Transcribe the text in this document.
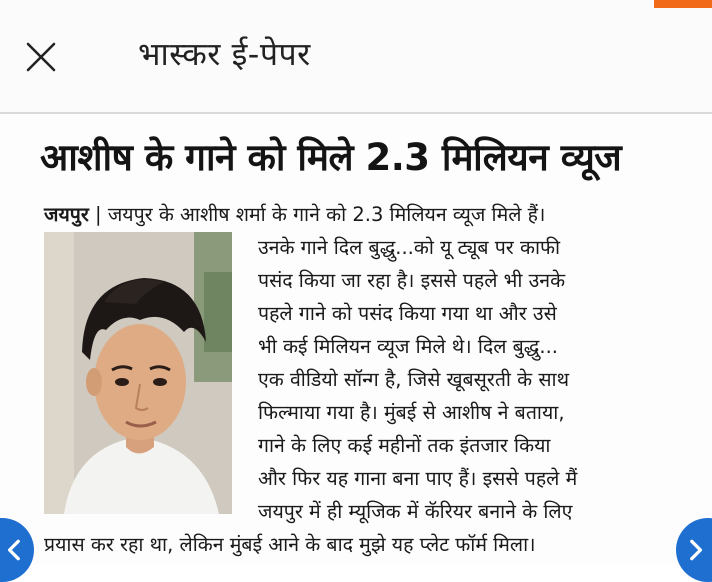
भास्कर ई-पेपर
आशीष के गाने को मिले 2.3 मिलियन व्यूज
जयपुर | जयपुर के आशीष शर्मा के गाने को 2.3 मिलियन व्यूज मिले हैं।
उनके गाने दिल बुद्धु...को यू ट्यूब पर काफी
पसंद किया जा रहा है। इससे पहले भी उनके
पहले गाने को पसंद किया गया था और उसे
भी कई मिलियन व्यूज मिले थे। दिल बुद्धु...
एक वीडियो सॉन्ग है, जिसे खूबसूरती के साथ
फिल्माया गया है। मुंबई से आशीष ने बताया,
गाने के लिए कई महीनों तक इंतजार किया
और फिर यह गाना बना पाए हैं। इससे पहले मैं
जयपुर में ही म्यूजिक में कॅरियर बनाने के लिए
प्रयास कर रहा था, लेकिन मुंबई आने के बाद मुझे यह प्लेट फॉर्म मिला।
